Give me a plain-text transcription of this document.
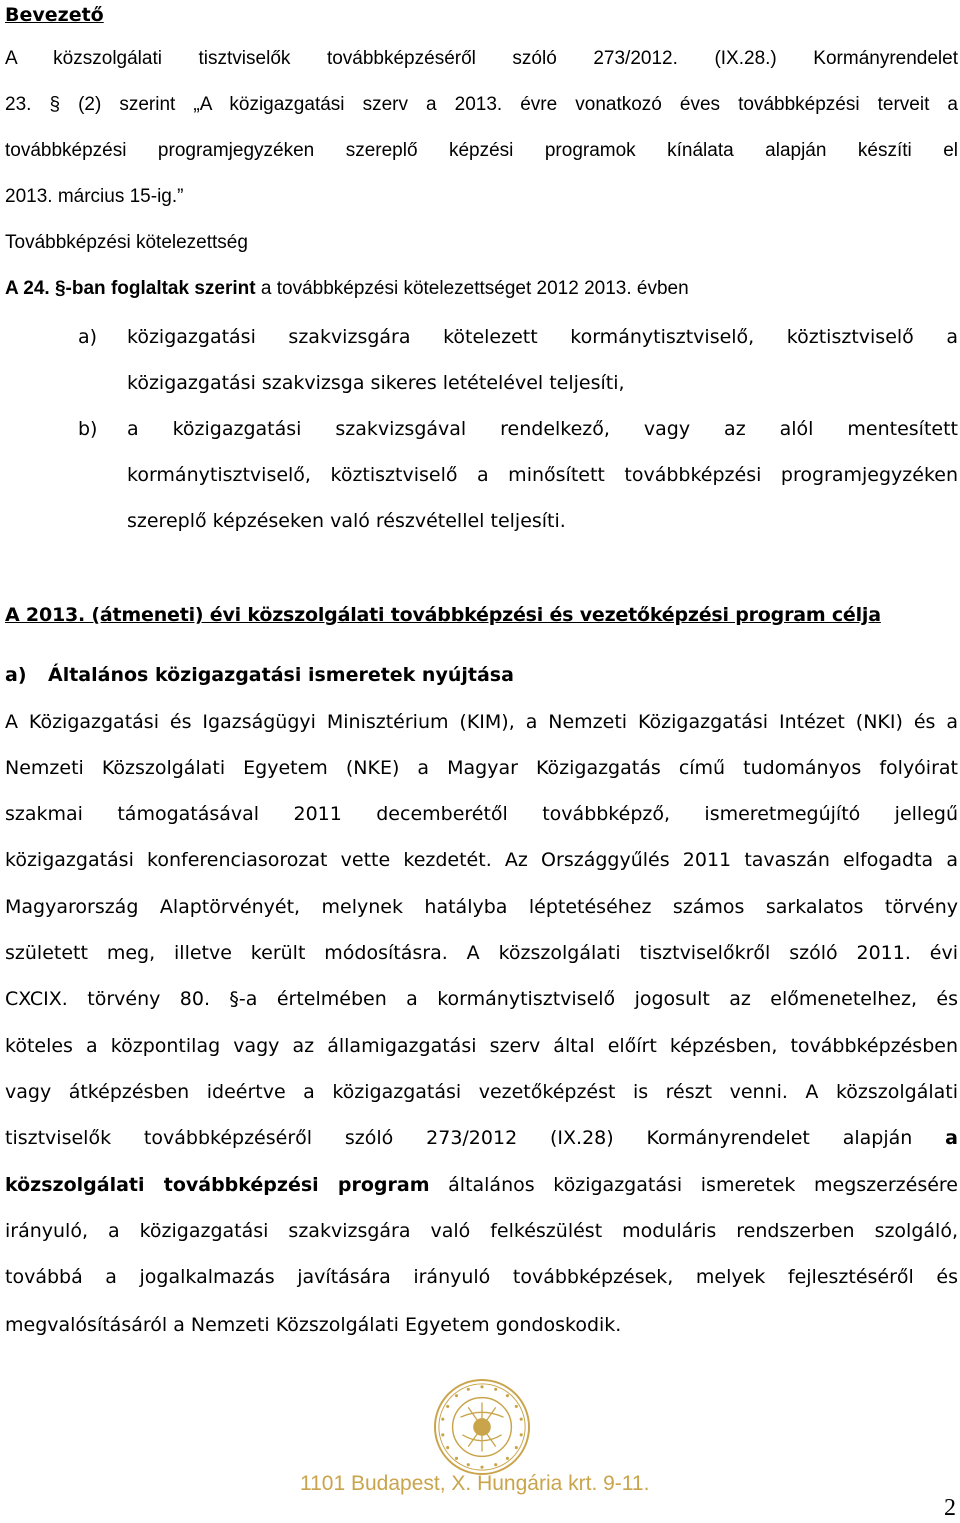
Bevezető
A közszolgálati tisztviselők továbbképzéséről szóló 273/2012. (IX.28.) Kormányrendelet
23. § (2) szerint „A közigazgatási szerv a 2013. évre vonatkozó éves továbbképzési terveit a
továbbképzési programjegyzéken szereplő képzési programok kínálata alapján készíti el
2013. március 15-ig.”
Továbbképzési kötelezettség
A 24. §-ban foglaltak szerint a továbbképzési kötelezettséget 2012 2013. évben
a) közigazgatási szakvizsgára kötelezett kormánytisztviselő, köztisztviselő a
közigazgatási szakvizsga sikeres letételével teljesíti,
b) a közigazgatási szakvizsgával rendelkező, vagy az alól mentesített
kormánytisztviselő, köztisztviselő a minősített továbbképzési programjegyzéken
szereplő képzéseken való részvétellel teljesíti.
A 2013. (átmeneti) évi közszolgálati továbbképzési és vezetőképzési program célja
a) Általános közigazgatási ismeretek nyújtása
A Közigazgatási és Igazságügyi Minisztérium (KIM), a Nemzeti Közigazgatási Intézet (NKI) és a
Nemzeti Közszolgálati Egyetem (NKE) a Magyar Közigazgatás című tudományos folyóirat
szakmai támogatásával 2011 decemberétől továbbképző, ismeretmegújító jellegű
közigazgatási konferenciasorozat vette kezdetét. Az Országgyűlés 2011 tavaszán elfogadta a
Magyarország Alaptörvényét, melynek hatályba léptetéséhez számos sarkalatos törvény
született meg, illetve került módosításra. A közszolgálati tisztviselőkről szóló 2011. évi
CXCIX. törvény 80. §-a értelmében a kormánytisztviselő jogosult az előmenetelhez, és
köteles a központilag vagy az államigazgatási szerv által előírt képzésben, továbbképzésben
vagy átképzésben ideértve a közigazgatási vezetőképzést is részt venni. A közszolgálati
tisztviselők továbbképzéséről szóló 273/2012 (IX.28) Kormányrendelet alapján a
közszolgálati továbbképzési program általános közigazgatási ismeretek megszerzésére
irányuló, a közigazgatási szakvizsgára való felkészülést moduláris rendszerben szolgáló,
továbbá a jogalkalmazás javítására irányuló továbbképzések, melyek fejlesztéséről és
megvalósításáról a Nemzeti Közszolgálati Egyetem gondoskodik.
1101 Budapest, X. Hungária krt. 9-11.
2
